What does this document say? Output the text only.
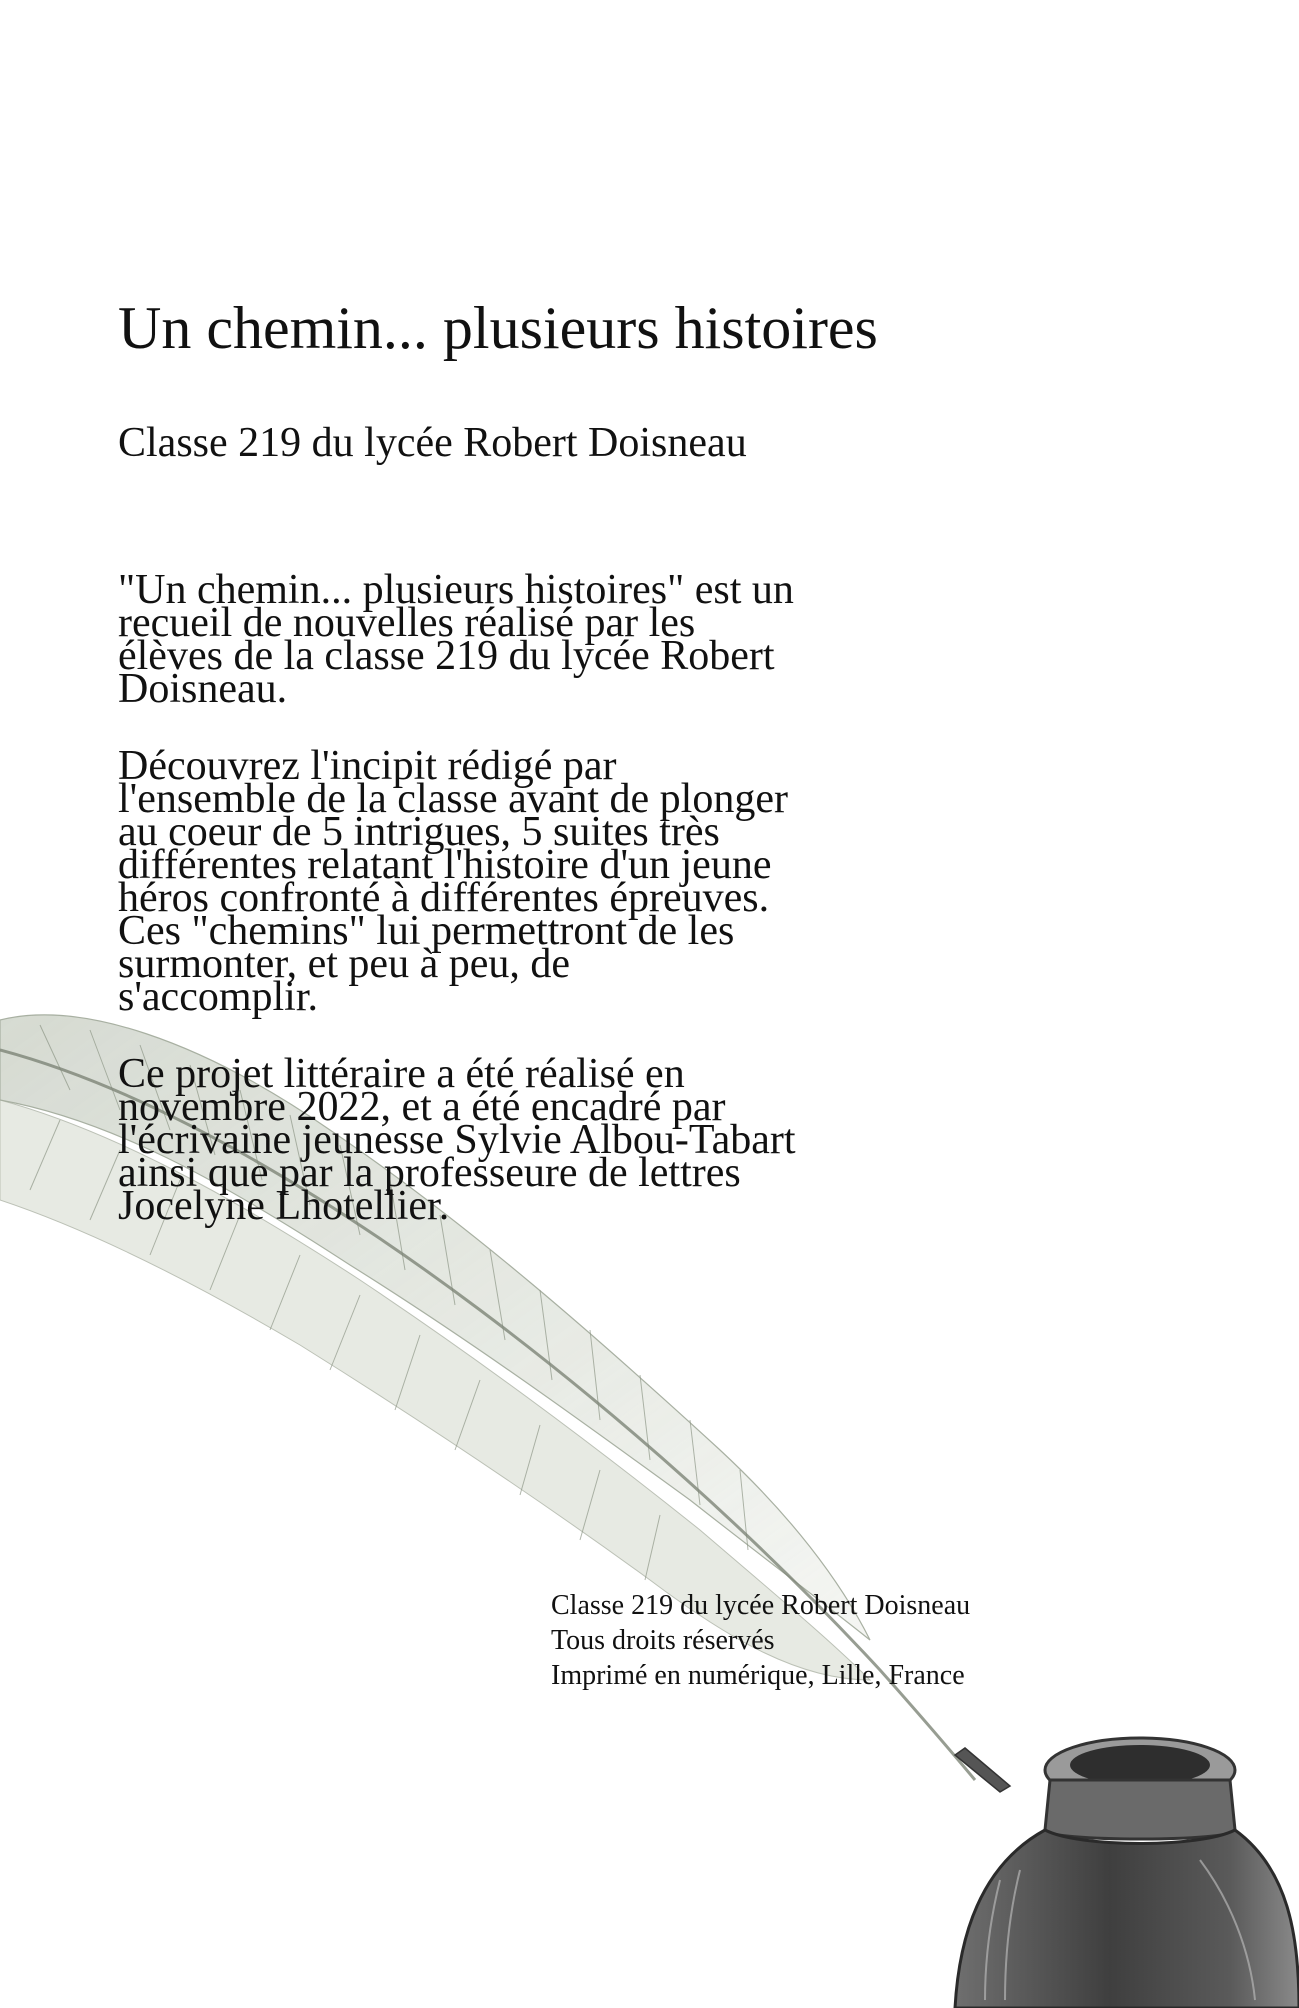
Un chemin... plusieurs histoires
Classe 219 du lycée Robert Doisneau

"Un chemin... plusieurs histoires" est un
recueil de nouvelles réalisé par les
élèves de la classe 219 du lycée Robert
Doisneau.

Découvrez l'incipit rédigé par
l'ensemble de la classe avant de plonger
au coeur de 5 intrigues, 5 suites très
différentes relatant l'histoire d'un jeune
héros confronté à différentes épreuves.
Ces "chemins" lui permettront de les
surmonter, et peu à peu, de
s'accomplir.

Ce projet littéraire a été réalisé en
novembre 2022, et a été encadré par
l'écrivaine jeunesse Sylvie Albou-Tabart
ainsi que par la professeure de lettres
Jocelyne Lhotellier.

Classe 219 du lycée Robert Doisneau
Tous droits réservés
Imprimé en numérique, Lille, France
